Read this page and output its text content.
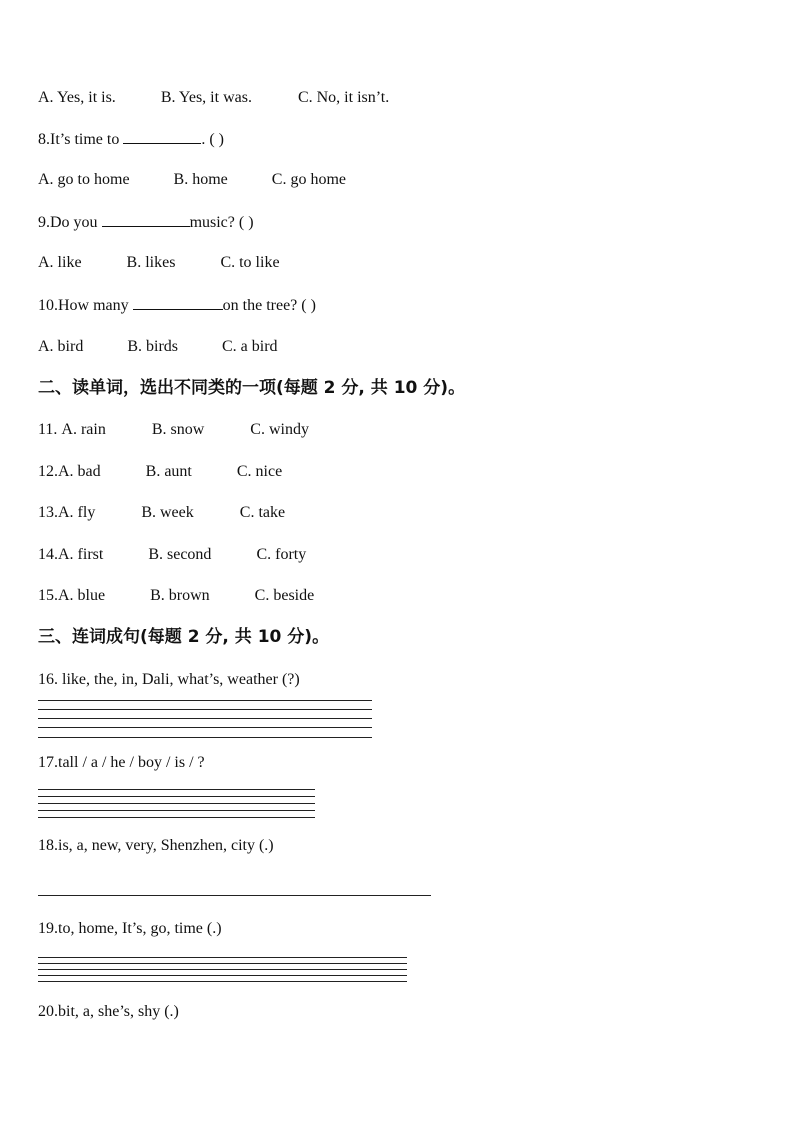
A. Yes, it is.	B. Yes, it was.	C. No, it isn’t.
8.It’s time to	. ( )
A. go to home	B. home	C. go home
9.Do you	music? ( )
A. like	B. likes	C. to like
10.How many	on the tree? ( )
A. bird	B. birds	C. a bird
二、读单词，选出不同类的一项(每题 2 分, 共 10 分)。
11. A. rain	B. snow	C. windy
12.A. bad	B. aunt	C. nice
13.A. fly	B. week	C. take
14.A. first	B. second	C. forty
15.A. blue	B. brown	C. beside
三、连词成句(每题 2 分, 共 10 分)。
16. like, the, in, Dali, what’s, weather (?)
17.tall / a / he / boy / is / ?
18.is, a, new, very, Shenzhen, city (.)
19.to, home, It’s, go, time (.)
20.bit, a, she’s, shy (.)
